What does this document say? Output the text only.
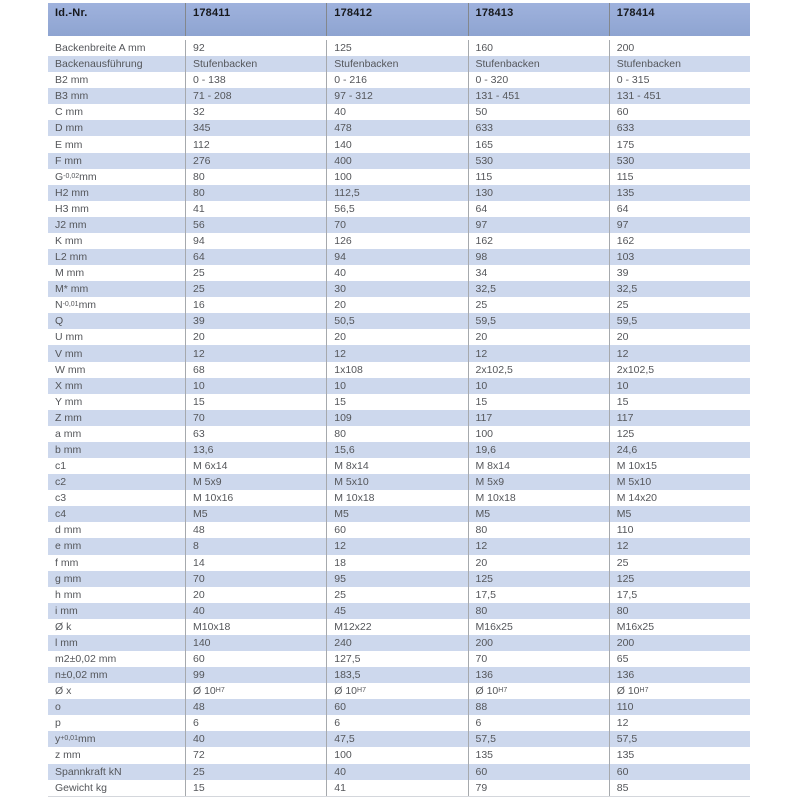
Id.-Nr.	178411	178412	178413	178414
Backenbreite A mm	92	125	160	200
Backenausführung	Stufenbacken	Stufenbacken	Stufenbacken	Stufenbacken
B2 mm	0 - 138	0 - 216	0 - 320	0 - 315
B3 mm	71 - 208	97 - 312	131 - 451	131 - 451
C mm	32	40	50	60
D mm	345	478	633	633
E mm	112	140	165	175
F mm	276	400	530	530
G -0,02 mm	80	100	115	115
H2 mm	80	112,5	130	135
H3 mm	41	56,5	64	64
J2 mm	56	70	97	97
K mm	94	126	162	162
L2 mm	64	94	98	103
M mm	25	40	34	39
M* mm	25	30	32,5	32,5
N -0,01 mm	16	20	25	25
Q	39	50,5	59,5	59,5
U mm	20	20	20	20
V mm	12	12	12	12
W mm	68	1x108	2x102,5	2x102,5
X mm	10	10	10	10
Y mm	15	15	15	15
Z mm	70	109	117	117
a mm	63	80	100	125
b mm	13,6	15,6	19,6	24,6
c1	M 6x14	M 8x14	M 8x14	M 10x15
c2	M 5x9	M 5x10	M 5x9	M 5x10
c3	M 10x16	M 10x18	M 10x18	M 14x20
c4	M5	M5	M5	M5
d mm	48	60	80	110
e mm	8	12	12	12
f mm	14	18	20	25
g mm	70	95	125	125
h mm	20	25	17,5	17,5
i mm	40	45	80	80
Ø k	M10x18	M12x22	M16x25	M16x25
l mm	140	240	200	200
m2±0,02 mm	60	127,5	70	65
n±0,02 mm	99	183,5	136	136
Ø x	Ø 10 H7	Ø 10 H7	Ø 10 H7	Ø 10 H7
o	48	60	88	110
p	6	6	6	12
y +0,01 mm	40	47,5	57,5	57,5
z mm	72	100	135	135
Spannkraft kN	25	40	60	60
Gewicht kg	15	41	79	85
